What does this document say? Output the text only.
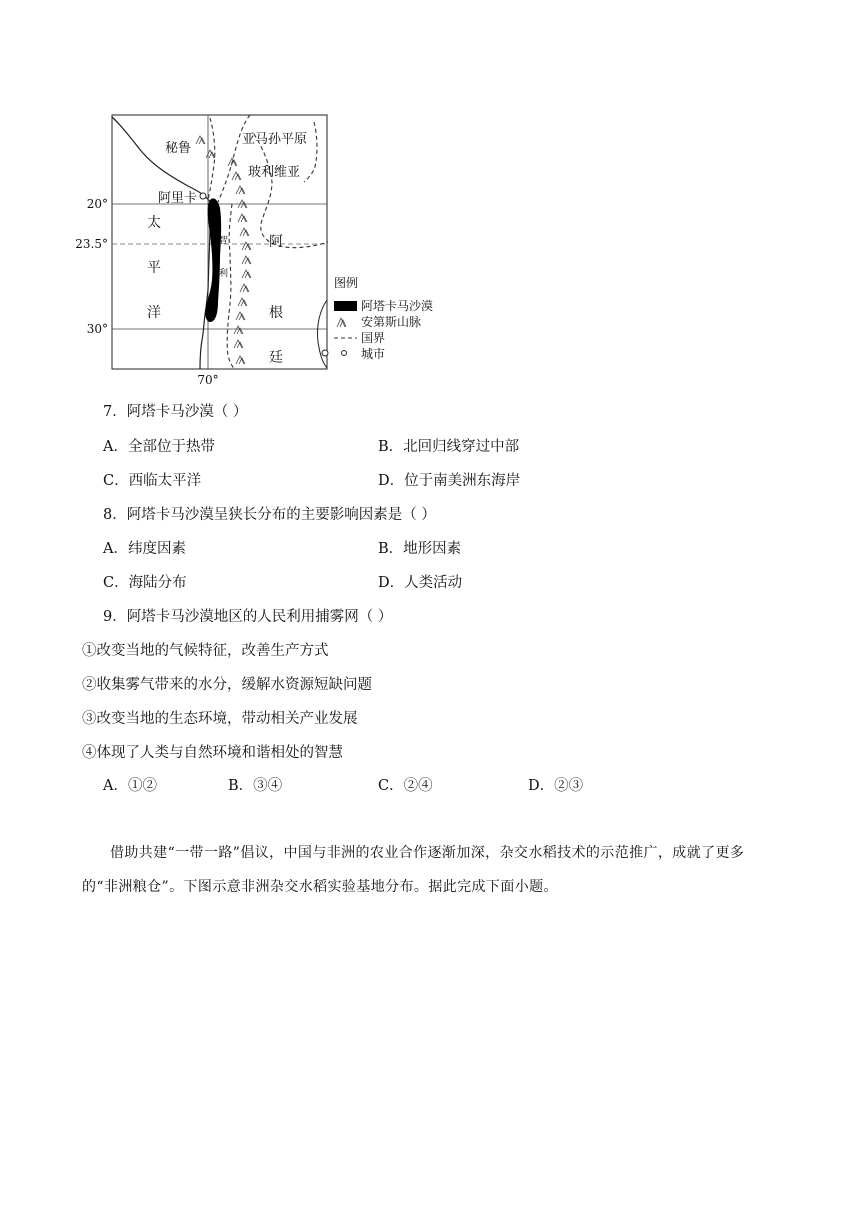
秘鲁
亚马孙平原
玻利维亚
阿里卡
智
利
阿
根
廷
太
平
洋
20°
23.5°
30°
70°
图例
阿塔卡马沙漠
安第斯山脉
国界
城市
7．阿塔卡马沙漠（ ）
A．全部位于热带	B．北回归线穿过中部
C．西临太平洋	D．位于南美洲东海岸
8．阿塔卡马沙漠呈狭长分布的主要影响因素是（ ）
A．纬度因素	B．地形因素
C．海陆分布	D．人类活动
9．阿塔卡马沙漠地区的人民利用捕雾网（ ）
①改变当地的气候特征，改善生产方式
②收集雾气带来的水分，缓解水资源短缺问题
③改变当地的生态环境，带动相关产业发展
④体现了人类与自然环境和谐相处的智慧
A．①②	B．③④	C．②④	D．②③

借助共建“一带一路”倡议，中国与非洲的农业合作逐渐加深，杂交水稻技术的示范推广，成就了更多

的“非洲粮仓”。下图示意非洲杂交水稻实验基地分布。据此完成下面小题。
